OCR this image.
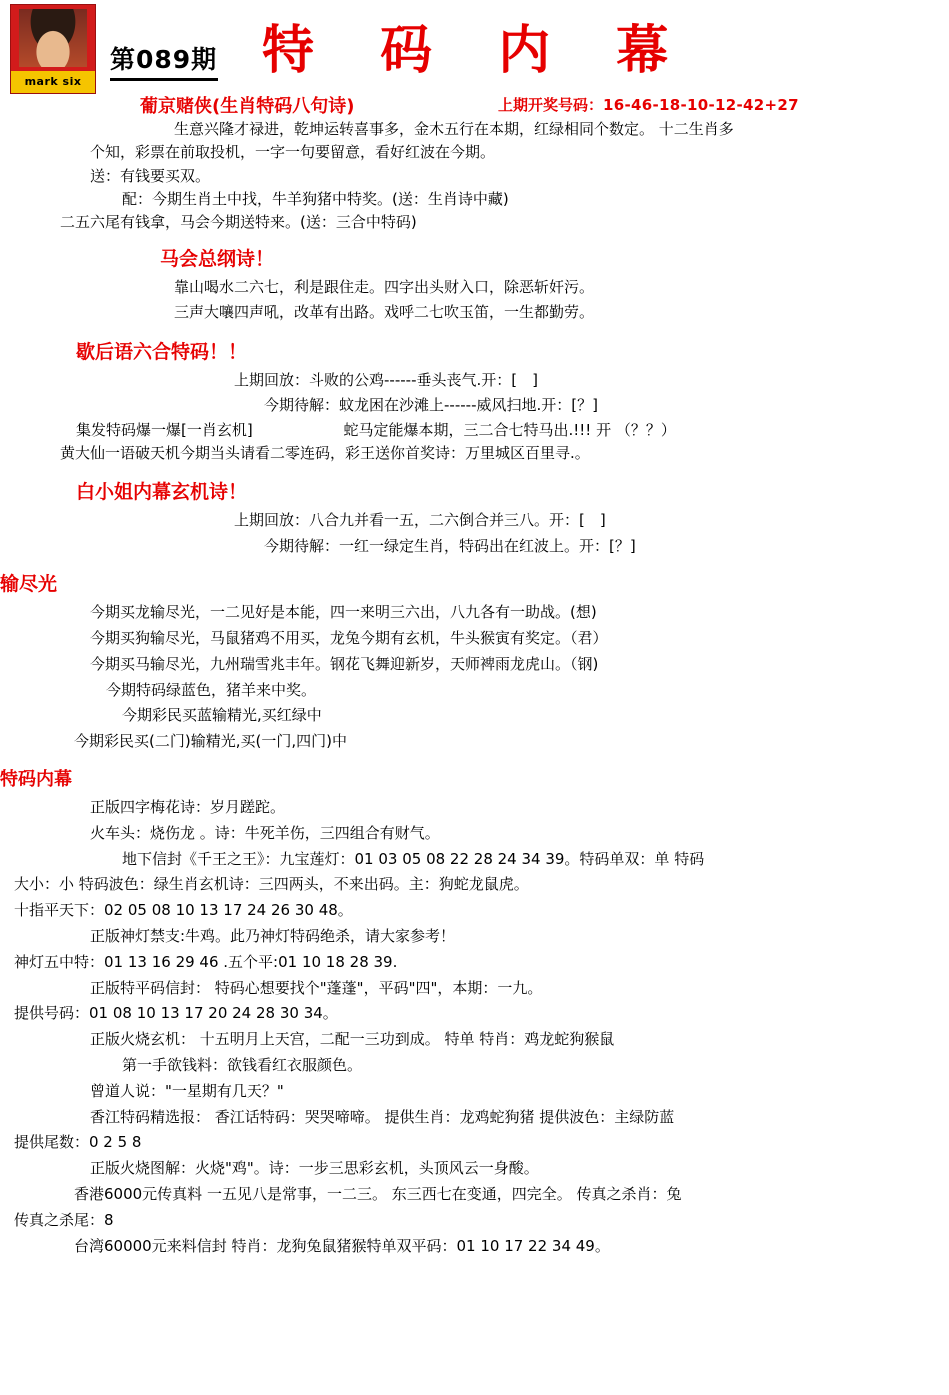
mark six
第089期 特 码 内 幕
葡京赌侠(生肖特码八句诗)	上期开奖号码：16-46-18-10-12-42+27
生意兴隆才禄进，乾坤运转喜事多，金木五行在本期，红绿相同个数定。 十二生肖多
个知，彩票在前取投机，一字一句要留意，看好红波在今期。
送：有钱要买双。
配：今期生肖土中找，牛羊狗猪中特奖。(送：生肖诗中藏)
二五六尾有钱拿，马会今期送特来。(送：三合中特码)
马会总纲诗！
靠山喝水二六七，利是跟住走。四字出头财入口，除恶斩奸污。
三声大嚷四声吼，改革有出路。戏呼二七吹玉笛，一生都勤劳。
歇后语六合特码！！
上期回放：斗败的公鸡------垂头丧气.开：[　]
今期待解：蚊龙困在沙滩上------威风扫地.开：[？]
集发特码爆一爆[一肖玄机]	蛇马定能爆本期，三二合七特马出.!!! 开 （？？）
黄大仙一语破天机今期当头请看二零连码，彩王送你首奖诗：万里城区百里寻.。
白小姐内幕玄机诗！
上期回放：八合九并看一五，二六倒合并三八。开：[　]
今期待解：一红一绿定生肖，特码出在红波上。开：[？]
输尽光
今期买龙输尽光，一二见好是本能，四一来明三六出，八九各有一助战。(想)
今期买狗输尽光，马鼠猪鸡不用买，龙兔今期有玄机，牛头猴寅有奖定。（君）
今期买马输尽光，九州瑞雪兆丰年。钢花飞舞迎新岁，天师裨雨龙虎山。（钢)
今期特码绿蓝色，猪羊来中奖。
今期彩民买蓝输精光,买红绿中
今期彩民买(二门)输精光,买(一门,四门)中
特码内幕
正版四字梅花诗：岁月蹉跎。
火车头：烧伤龙 。诗：牛死羊伤，三四组合有财气。
地下信封《千王之王》：九宝莲灯：01 03 05 08 22 28 24 34 39。特码单双：单 特码
大小：小 特码波色：绿生肖玄机诗：三四两头，不来出码。主：狗蛇龙鼠虎。
十指平天下：02 05 08 10 13 17 24 26 30 48。
正版神灯禁支:牛鸡。此乃神灯特码绝杀，请大家参考！
神灯五中特：01 13 16 29 46 .五个平:01 10 18 28 39.
正版特平码信封： 特码心想要找个"蓬蓬"，平码"四"，本期：一九。
提供号码：01 08 10 13 17 20 24 28 30 34。
正版火烧玄机： 十五明月上天宫，二配一三功到成。 特单 特肖：鸡龙蛇狗猴鼠
第一手欲钱料：欲钱看红衣服颜色。
曾道人说："一星期有几天？"
香江特码精选报： 香江话特码：哭哭啼啼。 提供生肖：龙鸡蛇狗猪 提供波色：主绿防蓝
提供尾数：0 2 5 8
正版火烧图解：火烧"鸡"。诗：一步三思彩玄机，头顶风云一身酸。
香港6000元传真料 一五见八是常事，一二三。 东三西七在变通，四完全。 传真之杀肖：兔
传真之杀尾：8
台湾60000元来料信封 特肖：龙狗兔鼠猪猴特单双平码：01 10 17 22 34 49。
